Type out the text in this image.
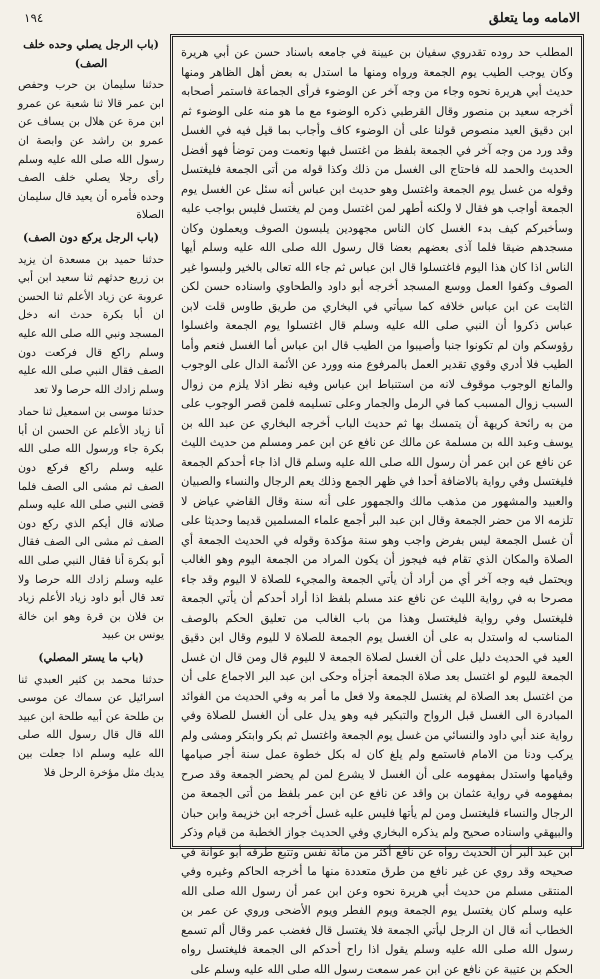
الامامه وما يتعلق
١٩٤

المطلب حد روده تقدروي سفيان بن عيينة في جامعه باسناد حسن عن أبي هريرة وكان يوجب الطيب يوم الجمعة ورواه ومنها ما استدل به بعض أهل الظاهر ومنها حديث أبي هريرة نحوه وجاء من وجه آخر عن الوضوء فرأى الجماعة فاستمر أصحابه أخرجه سعيد بن منصور وقال القرطبي ذكره الوضوء مع ما هو منه على الوضوء ثم ابن دقيق العيد منصوص قولنا على أن الوضوء كاف وأجاب بما قيل فيه في الغسل وقد ورد من وجه آخر في الجمعة بلفظ من اغتسل فبها ونعمت ومن توضأ فهو أفضل الحديث والحمد لله فاحتاج الى الغسل من ذلك وكذا قوله من أتى الجمعة فليغتسل وقوله من غسل يوم الجمعة واغتسل وهو حديث ابن عباس أنه سئل عن الغسل يوم الجمعة أواجب هو فقال لا ولكنه أطهر لمن اغتسل ومن لم يغتسل فليس بواجب عليه وسأخبركم كيف بدء الغسل كان الناس مجهودين يلبسون الصوف ويعملون وكان مسجدهم ضيقا فلما آذى بعضهم بعضا قال رسول الله صلى الله عليه وسلم أيها الناس اذا كان هذا اليوم فاغتسلوا قال ابن عباس ثم جاء الله تعالى بالخير ولبسوا غير الصوف وكفوا العمل ووسع المسجد أخرجه أبو داود والطحاوي واسناده حسن لكن الثابت عن ابن عباس خلافه كما سيأتي في البخاري من طريق طاوس قلت لابن عباس ذكروا أن النبي صلى الله عليه وسلم قال اغتسلوا يوم الجمعة واغسلوا رؤوسكم وان لم تكونوا جنبا وأصيبوا من الطيب قال ابن عباس أما الغسل فنعم وأما الطيب فلا أدري وقوي تقدير العمل بالمرفوع منه وورد عن الأئمة الدال على الوجوب والمانع الوجوب موقوف لانه من استنباط ابن عباس وفيه نظر اذلا يلزم من زوال السبب زوال المسبب كما في الرمل والجمار وعلى تسليمه فلمن قصر الوجوب على من به رائحة كريهة أن يتمسك بها ثم حديث الباب أخرجه البخاري عن عبد الله بن يوسف وعبد الله بن مسلمة عن مالك عن نافع عن ابن عمر ومسلم من حديث الليث عن نافع عن ابن عمر أن رسول الله صلى الله عليه وسلم قال اذا جاء أحدكم الجمعة فليغتسل وفي رواية بالاضافة أحدا في ظهر الجمع وذلك يعم الرجال والنساء والصبيان والعبيد والمشهور من مذهب مالك والجمهور على أنه سنة وقال القاضي عياض لا تلزمه الا من حضر الجمعة وقال ابن عبد البر أجمع علماء المسلمين قديما وحديثا على أن غسل الجمعة ليس بفرض واجب وهو سنة مؤكدة وقوله في الحديث الجمعة أي الصلاة والمكان الذي تقام فيه فيجوز أن يكون المراد من الجمعة اليوم وهو الغالب ويحتمل فيه وجه آخر أي من أراد أن يأتي الجمعة والمجيء للصلاة لا اليوم وقد جاء مصرحا به في رواية الليث عن نافع عند مسلم بلفظ اذا أراد أحدكم أن يأتي الجمعة فليغتسل وفي رواية فليغتسل وهذا من باب الغالب من تعليق الحكم بالوصف المناسب له واستدل به على أن الغسل يوم الجمعة للصلاة لا لليوم وقال ابن دقيق العيد في الحديث دليل على أن الغسل لصلاة الجمعة لا لليوم قال ومن قال ان غسل الجمعة لليوم لو اغتسل بعد صلاة الجمعة أجزأه وحكى ابن عبد البر الاجماع على أن من اغتسل بعد الصلاة لم يغتسل للجمعة ولا فعل ما أمر به وفي الحديث من الفوائد المبادرة الى الغسل قبل الرواح والتبكير فيه وهو يدل على أن الغسل للصلاة وفي رواية عند أبي داود والنسائي من غسل يوم الجمعة واغتسل ثم بكر وابتكر ومشى ولم يركب ودنا من الامام فاستمع ولم يلغ كان له بكل خطوة عمل سنة أجر صيامها وقيامها واستدل بمفهومه على أن الغسل لا يشرع لمن لم يحضر الجمعة وقد صرح بمفهومه في رواية عثمان بن واقد عن نافع عن ابن عمر بلفظ من أتى الجمعة من الرجال والنساء فليغتسل ومن لم يأتها فليس عليه غسل أخرجه ابن خزيمة وابن حبان والبيهقي واسناده صحيح ولم يذكره البخاري وفي الحديث جواز الخطبة من قيام وذكر ابن عبد البر أن الحديث رواه عن نافع أكثر من مائة نفس وتتبع طرقه أبو عوانة في صحيحه وقد روي عن غير نافع من طرق متعددة منها ما أخرجه الحاكم وغيره وفي المنتقى مسلم من حديث أبي هريرة نحوه وعن ابن عمر أن رسول الله صلى الله عليه وسلم كان يغتسل يوم الجمعة ويوم الفطر ويوم الأضحى وروي عن عمر بن الخطاب أنه قال ان الرجل ليأتي الجمعة فلا يغتسل قال فغضب عمر وقال ألم تسمع رسول الله صلى الله عليه وسلم يقول اذا راح أحدكم الى الجمعة فليغتسل رواه الحكم بن عتيبة عن نافع عن ابن عمر سمعت رسول الله صلى الله عليه وسلم على

( باب الرجل يصلي وحده خلف الصف )

حدثنا سليمان بن حرب وحفص ابن عمر قالا ثنا شعبة عن عمرو ابن مرة عن هلال بن يساف عن عمرو بن راشد عن وابصة ان رسول الله صلى الله عليه وسلم رأى رجلا يصلي خلف الصف وحده فأمره أن يعيد قال سليمان الصلاة

( باب الرجل يركع دون الصف )

حدثنا حميد بن مسعدة ان يزيد بن زريع حدثهم ثنا سعيد ابن أبي عروبة عن زياد الأعلم ثنا الحسن ان أبا بكرة حدث انه دخل المسجد ونبي الله صلى الله عليه وسلم راكع قال فركعت دون الصف فقال النبي صلى الله عليه وسلم زادك الله حرصا ولا تعد

حدثنا موسى بن اسمعيل ثنا حماد أنا زياد الأعلم عن الحسن ان أبا بكرة جاء ورسول الله صلى الله عليه وسلم راكع فركع دون الصف ثم مشى الى الصف فلما قضى النبي صلى الله عليه وسلم صلاته قال أيكم الذي ركع دون الصف ثم مشى الى الصف فقال أبو بكرة أنا فقال النبي صلى الله عليه وسلم زادك الله حرصا ولا تعد قال أبو داود زياد الأعلم زياد بن فلان بن قرة وهو ابن خالة يونس بن عبيد

( باب ما يستر المصلي )

حدثنا محمد بن كثير العبدي ثنا اسرائيل عن سماك عن موسى بن طلحة عن أبيه طلحة ابن عبيد الله قال قال رسول الله صلى الله عليه وسلم اذا جعلت بين يديك مثل مؤخرة الرحل فلا
